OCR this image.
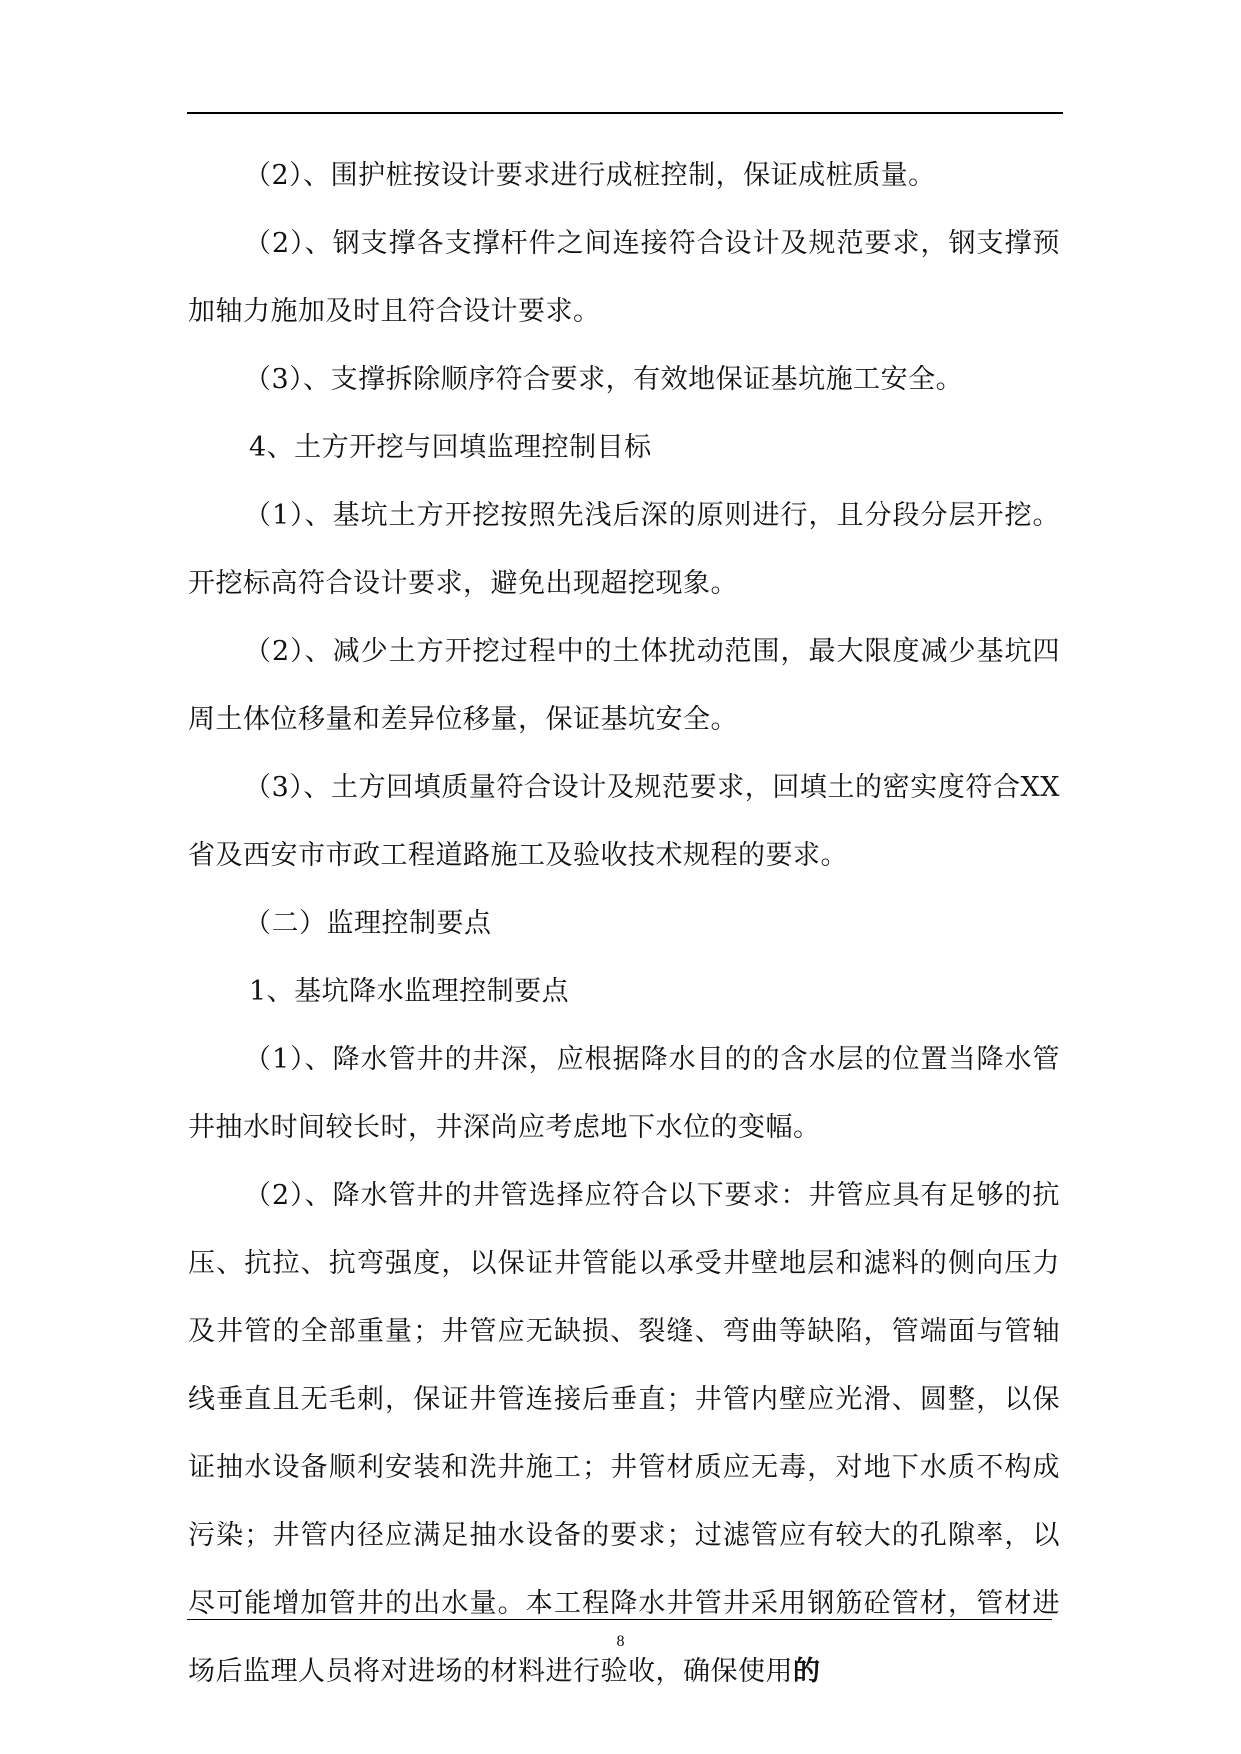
（2）、围护桩按设计要求进行成桩控制，保证成桩质量。

（2）、钢支撑各支撑杆件之间连接符合设计及规范要求，钢支撑预加轴力施加及时且符合设计要求。

（3）、支撑拆除顺序符合要求，有效地保证基坑施工安全。

4、土方开挖与回填监理控制目标

（1）、基坑土方开挖按照先浅后深的原则进行，且分段分层开挖。开挖标高符合设计要求，避免出现超挖现象。

（2）、减少土方开挖过程中的土体扰动范围，最大限度减少基坑四周土体位移量和差异位移量，保证基坑安全。

（3）、土方回填质量符合设计及规范要求，回填土的密实度符合XX省及西安市市政工程道路施工及验收技术规程的要求。

（二）监理控制要点

1、基坑降水监理控制要点

（1）、降水管井的井深，应根据降水目的的含水层的位置当降水管井抽水时间较长时，井深尚应考虑地下水位的变幅。

（2）、降水管井的井管选择应符合以下要求：井管应具有足够的抗压、抗拉、抗弯强度，以保证井管能以承受井壁地层和滤料的侧向压力及井管的全部重量；井管应无缺损、裂缝、弯曲等缺陷，管端面与管轴线垂直且无毛刺，保证井管连接后垂直；井管内壁应光滑、圆整，以保证抽水设备顺利安装和洗井施工；井管材质应无毒，对地下水质不构成污染；井管内径应满足抽水设备的要求；过滤管应有较大的孔隙率，以尽可能增加管井的出水量。本工程降水井管井采用钢筋砼管材，管材进场后监理人员将对进场的材料进行验收，确保使用的

8
